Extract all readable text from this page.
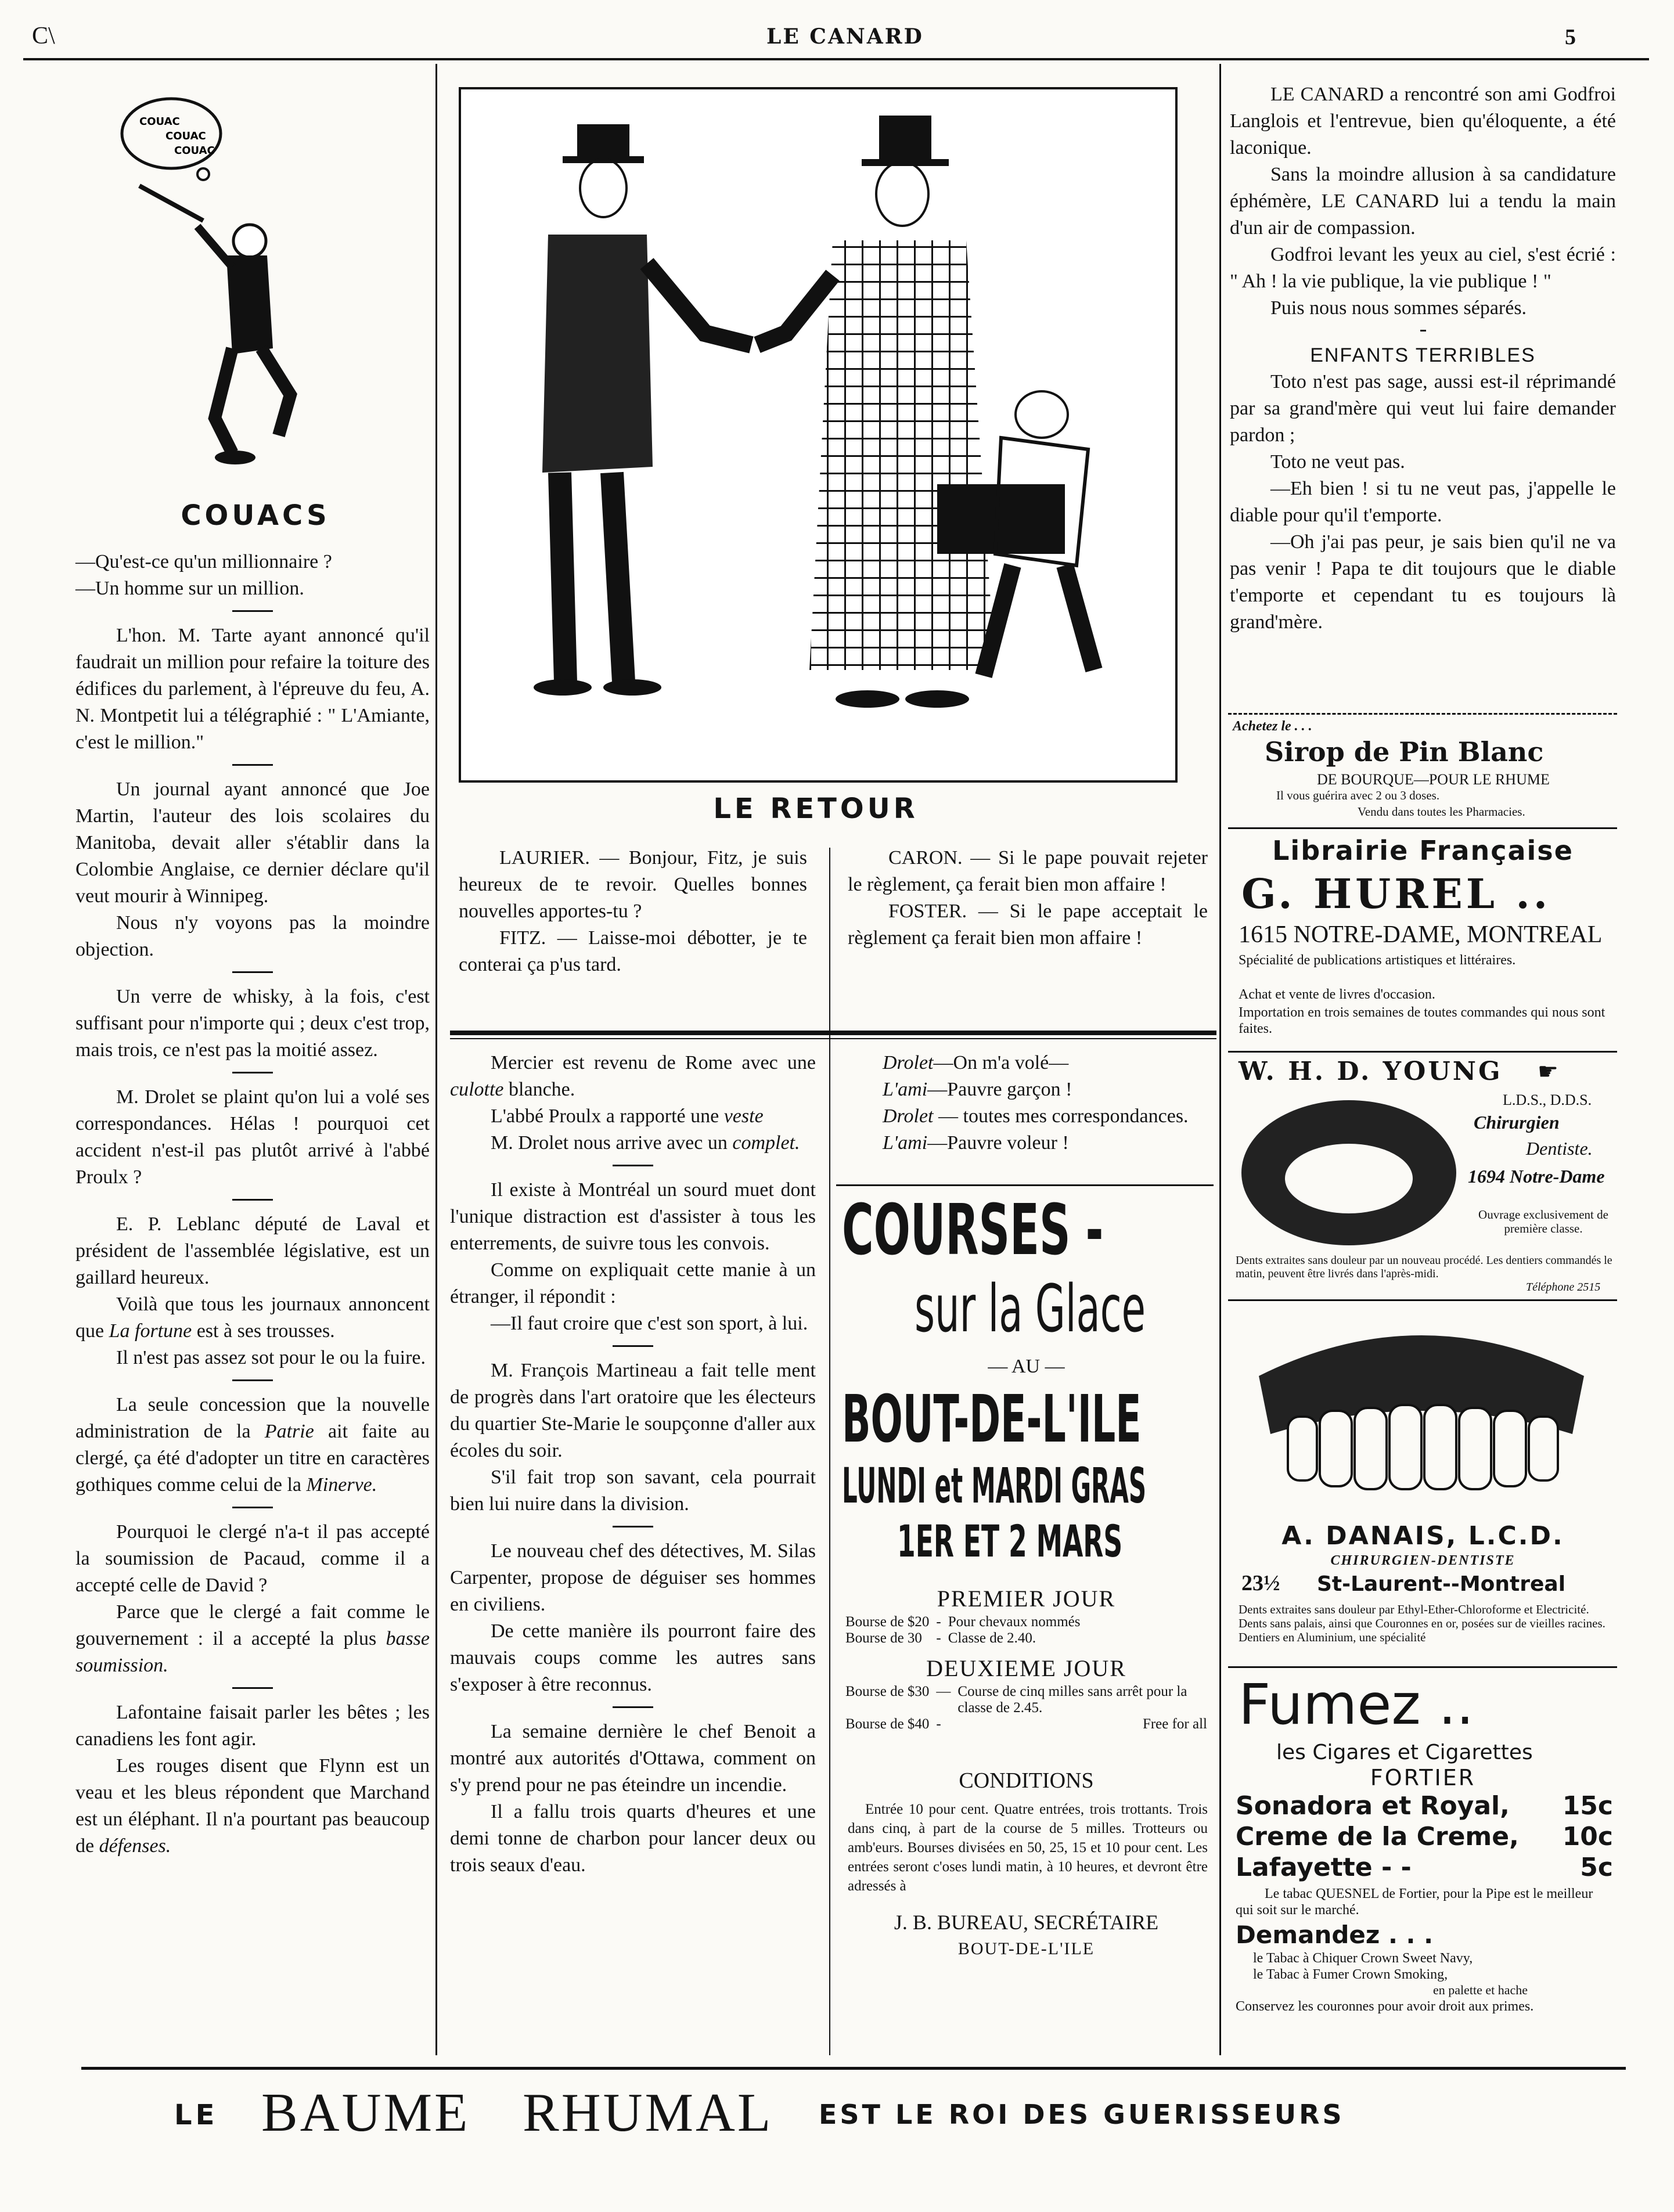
C\	LE CANARD	5
COUAC
COUAC
COUAC
COUACS

—Qu'est-ce qu'un millionnaire ?

—Un homme sur un million.

L'hon. M. Tarte ayant annoncé qu'il faudrait un million pour refaire la toiture des édifices du parlement, à l'épreuve du feu, A. N. Montpetit lui a télégraphié : " L'Amiante, c'est le million."

Un journal ayant annoncé que Joe Martin, l'auteur des lois scolaires du Manitoba, devait aller s'établir dans la Colombie Anglaise, ce dernier déclare qu'il veut mourir à Winnipeg.

Nous n'y voyons pas la moindre objection.

Un verre de whisky, à la fois, c'est suffisant pour n'importe qui ; deux c'est trop, mais trois, ce n'est pas la moitié assez.

M. Drolet se plaint qu'on lui a volé ses correspondances. Hélas ! pourquoi cet accident n'est-il pas plutôt arrivé à l'abbé Proulx ?

E. P. Leblanc député de Laval et président de l'assemblée législative, est un gaillard heureux.

Voilà que tous les journaux annoncent que La fortune est à ses trousses.

Il n'est pas assez sot pour le ou la fuire.

La seule concession que la nouvelle administration de la Patrie ait faite au clergé, ça été d'adopter un titre en caractères gothiques comme celui de la Minerve.

Pourquoi le clergé n'a-t il pas accepté la soumission de Pacaud, comme il a accepté celle de David ?

Parce que le clergé a fait comme le gouvernement : il a accepté la plus basse soumission.

Lafontaine faisait parler les bêtes ; les canadiens les font agir.

Les rouges disent que Flynn est un veau et les bleus répondent que Marchand est un éléphant. Il n'a pourtant pas beaucoup de défenses.

LE RETOUR

LAURIER. — Bonjour, Fitz, je suis heureux de te revoir. Quelles bonnes nouvelles apportes-tu ?

FITZ. — Laisse-moi débotter, je te conterai ça p'us tard.

CARON. — Si le pape pouvait rejeter le règlement, ça ferait bien mon affaire !

FOSTER. — Si le pape acceptait le règlement ça ferait bien mon affaire !

Mercier est revenu de Rome avec une culotte blanche.

L'abbé Proulx a rapporté une veste

M. Drolet nous arrive avec un complet.

Il existe à Montréal un sourd muet dont l'unique distraction est d'assister à tous les enterrements, de suivre tous les convois.

Comme on expliquait cette manie à un étranger, il répondit :

—Il faut croire que c'est son sport, à lui.

M. François Martineau a fait telle ment de progrès dans l'art oratoire que les électeurs du quartier Ste-Marie le soupçonne d'aller aux écoles du soir.

S'il fait trop son savant, cela pourrait bien lui nuire dans la division.

Le nouveau chef des détectives, M. Silas Carpenter, propose de déguiser ses hommes en civiliens.

De cette manière ils pourront faire des mauvais coups comme les autres sans s'exposer à être reconnus.

La semaine dernière le chef Benoit a montré aux autorités d'Ottawa, comment on s'y prend pour ne pas éteindre un incendie.

Il a fallu trois quarts d'heures et une demi tonne de charbon pour lancer deux ou trois seaux d'eau.

Drolet—On m'a volé—

L'ami—Pauvre garçon !

Drolet — toutes mes correspondances.

L'ami—Pauvre voleur !

COURSES -
sur la Glace
— AU —
BOUT-DE-L'ILE
LUNDI et MARDI GRAS
1ER ET 2 MARS
PREMIER JOUR
Bourse de $20	-	Pour chevaux nommés
Bourse de 30	-	Classe de 2.40.
DEUXIEME JOUR
Bourse de $30	—	Course de cinq milles sans arrêt pour la classe de 2.45.
Bourse de $40	-	Free for all
CONDITIONS
Entrée 10 pour cent. Quatre entrées, trois trottants. Trois dans cinq, à part de la course de 5 milles. Trotteurs ou amb'eurs. Bourses divisées en 50, 25, 15 et 10 pour cent. Les entrées seront c'oses lundi matin, à 10 heures, et devront être adressés à
J. B. BUREAU, SECRÉTAIRE
BOUT-DE-L'ILE

LE CANARD a rencontré son ami Godfroi Langlois et l'entrevue, bien qu'éloquente, a été laconique.

Sans la moindre allusion à sa candidature éphémère, LE CANARD lui a tendu la main d'un air de compassion.

Godfroi levant les yeux au ciel, s'est écrié : " Ah ! la vie publique, la vie publique ! "

Puis nous nous sommes séparés.

ENFANTS TERRIBLES

Toto n'est pas sage, aussi est-il réprimandé par sa grand'mère qui veut lui faire demander pardon ;

Toto ne veut pas.

—Eh bien ! si tu ne veut pas, j'appelle le diable pour qu'il t'emporte.

—Oh j'ai pas peur, je sais bien qu'il ne va pas venir ! Papa te dit toujours que le diable t'emporte et cependant tu es toujours là grand'mère.

Achetez le . . .
Sirop de Pin Blanc
DE BOURQUE—POUR LE RHUME
Il vous guérira avec 2 ou 3 doses.
Vendu dans toutes les Pharmacies.
Librairie Française
G. HUREL ..
1615 NOTRE-DAME, MONTREAL
Spécialité de publications artistiques et littéraires.
Achat et vente de livres d'occasion.
Importation en trois semaines de toutes commandes qui nous sont faites.
W. H. D. YOUNG ☛
L.D.S., D.D.S.
Chirurgien
Dentiste.
1694 Notre-Dame
Ouvrage exclusivement de première classe.
Dents extraites sans douleur par un nouveau procédé. Les dentiers commandés le matin, peuvent être livrés dans l'après-midi.
Téléphone 2515
A. DANAIS, L.C.D.
CHIRURGIEN-DENTISTE
23½ St-Laurent--Montreal
Dents extraites sans douleur par Ethyl-Ether-Chloroforme et Electricité. Dents sans palais, ainsi que Couronnes en or, posées sur de vieilles racines. Dentiers en Aluminium, une spécialité
Fumez ..
les Cigares et Cigarettes
FORTIER
Sonadora et Royal, 15c
Creme de la Creme, 10c
Lafayette - -	5c
Le tabac QUESNEL de Fortier, pour la Pipe est le meilleur qui soit sur le marché.
Demandez . . .
le Tabac à Chiquer Crown Sweet Navy,
le Tabac à Fumer Crown Smoking,
en palette et hache
Conservez les couronnes pour avoir droit aux primes.
LE BAUME RHUMAL EST LE ROI DES GUERISSEURS
